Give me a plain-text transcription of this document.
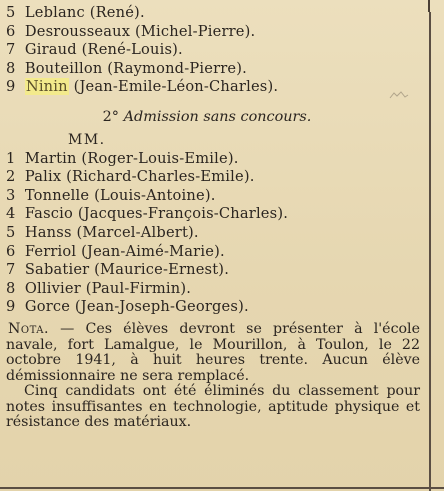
5 Leblanc (René).
6 Desrousseaux (Michel-Pierre).
7 Giraud (René-Louis).
8 Bouteillon (Raymond-Pierre).
9 Ninin (Jean-Emile-Léon-Charles).
2° Admission sans concours.
MM.
1 Martin (Roger-Louis-Emile).
2 Palix (Richard-Charles-Emile).
3 Tonnelle (Louis-Antoine).
4 Fascio (Jacques-François-Charles).
5 Hanss (Marcel-Albert).
6 Ferriol (Jean-Aimé-Marie).
7 Sabatier (Maurice-Ernest).
8 Ollivier (Paul-Firmin).
9 Gorce (Jean-Joseph-Georges).

Nota. — Ces élèves devront se présenter à l'école navale, fort Lamalgue, le Mourillon, à Toulon, le 22 octobre 1941, à huit heures trente. Aucun élève démissionnaire ne sera remplacé.

Cinq candidats ont été éliminés du classement pour notes insuffisantes en technologie, aptitude physique et résistance des matériaux.
